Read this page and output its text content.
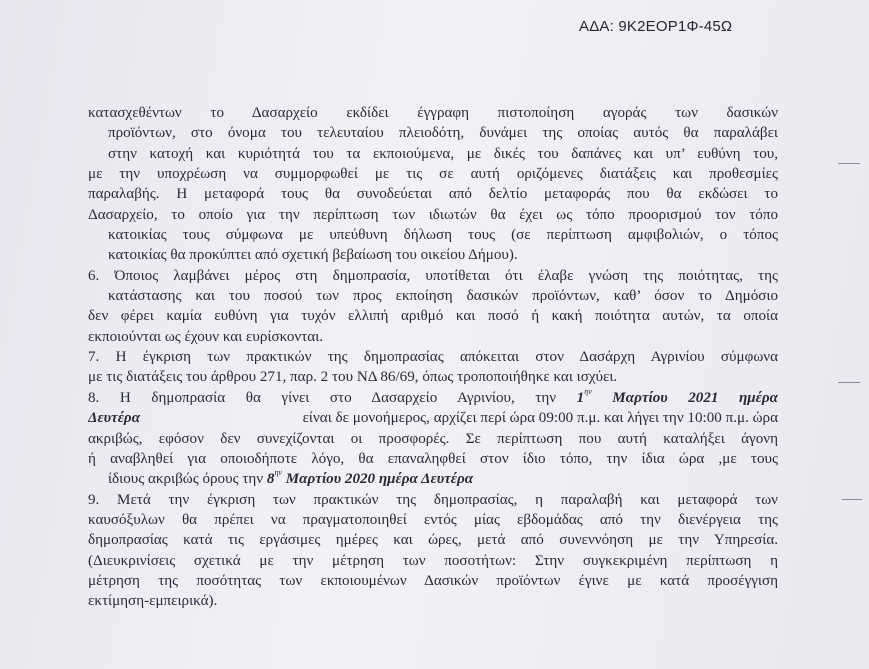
ΑΔΑ: 9Κ2ΕΟΡ1Φ-45Ω
κατασχεθέντων το Δασαρχείο εκδίδει έγγραφη πιστοποίηση αγοράς των δασικών
προϊόντων, στο όνομα του τελευταίου πλειοδότη, δυνάμει της οποίας αυτός θα παραλάβει
στην κατοχή και κυριότητά του τα εκποιούμενα, με δικές του δαπάνες και υπ’ ευθύνη του,
με την υποχρέωση να συμμορφωθεί με τις σε αυτή οριζόμενες διατάξεις και προθεσμίες
παραλαβής. Η μεταφορά τους θα συνοδεύεται από δελτίο μεταφοράς που θα εκδώσει το
Δασαρχείο, το οποίο για την περίπτωση των ιδιωτών θα έχει ως τόπο προορισμού τον τόπο
κατοικίας τους σύμφωνα με υπεύθυνη δήλωση τους (σε περίπτωση αμφιβολιών, ο τόπος
κατοικίας θα προκύπτει από σχετική βεβαίωση του οικείου Δήμου).
6. Όποιος λαμβάνει μέρος στη δημοπρασία, υποτίθεται ότι έλαβε γνώση της ποιότητας, της
κατάστασης και του ποσού των προς εκποίηση δασικών προϊόντων, καθ’ όσον το Δημόσιο
δεν φέρει καμία ευθύνη για τυχόν ελλιπή αριθμό και ποσό ή κακή ποιότητα αυτών, τα οποία
εκποιούνται ως έχουν και ευρίσκονται.
7. Η έγκριση των πρακτικών της δημοπρασίας απόκειται στον Δασάρχη Αγρινίου σύμφωνα
με τις διατάξεις του άρθρου 271, παρ. 2 του ΝΔ 86/69, όπως τροποποιήθηκε και ισχύει.
8. Η δημοπρασία θα γίνει στο Δασαρχείο Αγρινίου, την $1^{\eta\nu}$ Μαρτίου 2021 ημέρα
Δευτέρα	είναι δε μονοήμερος, αρχίζει περί ώρα 09:00 π.μ. και λήγει την 10:00 π.μ. ώρα
ακριβώς, εφόσον δεν συνεχίζονται οι προσφορές. Σε περίπτωση που αυτή καταλήξει άγονη
ή αναβληθεί για οποιοδήποτε λόγο, θα επαναληφθεί στον ίδιο τόπο, την ίδια ώρα ,με τους
ίδιους ακριβώς όρους την $8^{\eta\nu}$ Μαρτίου 2020 ημέρα Δευτέρα
9. Μετά την έγκριση των πρακτικών της δημοπρασίας, η παραλαβή και μεταφορά των
καυσόξυλων θα πρέπει να πραγματοποιηθεί εντός μίας εβδομάδας από την διενέργεια της
δημοπρασίας κατά τις εργάσιμες ημέρες και ώρες, μετά από συνεννόηση με την Υπηρεσία.
(Διευκρινίσεις σχετικά με την μέτρηση των ποσοτήτων: Στην συγκεκριμένη περίπτωση η
μέτρηση της ποσότητας των εκποιουμένων Δασικών προϊόντων έγινε με κατά προσέγγιση
εκτίμηση-εμπειρικά).
